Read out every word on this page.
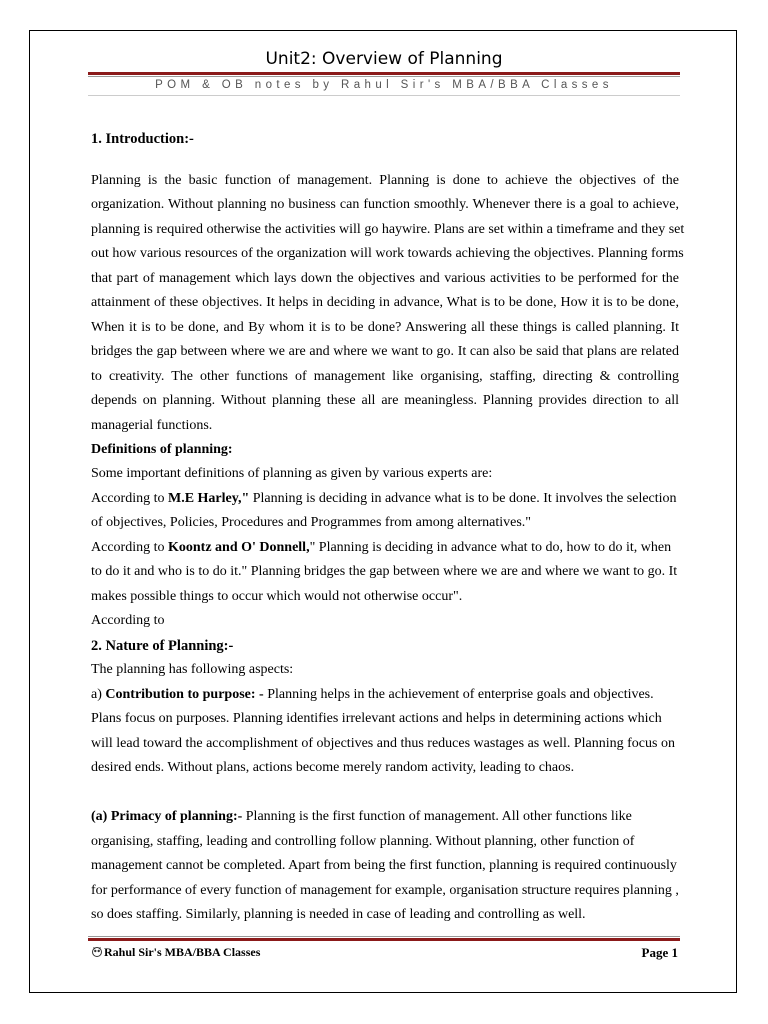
Unit2: Overview of Planning
POM & OB notes by Rahul Sir's MBA/BBA Classes
1. Introduction:-
Planning is the basic function of management. Planning is done to achieve the objectives of the
organization. Without planning no business can function smoothly. Whenever there is a goal to achieve,
planning is required otherwise the activities will go haywire. Plans are set within a timeframe and they set
out how various resources of the organization will work towards achieving the objectives. Planning forms
that part of management which lays down the objectives and various activities to be performed for the
attainment of these objectives. It helps in deciding in advance, What is to be done, How it is to be done,
When it is to be done, and By whom it is to be done? Answering all these things is called planning. It
bridges the gap between where we are and where we want to go. It can also be said that plans are related
to creativity. The other functions of management like organising, staffing, directing & controlling
depends on planning. Without planning these all are meaningless. Planning provides direction to all
managerial functions.
Definitions of planning:
Some important definitions of planning as given by various experts are:
According to M.E Harley," Planning is deciding in advance what is to be done. It involves the selection
of objectives, Policies, Procedures and Programmes from among alternatives."
According to Koontz and O' Donnell," Planning is deciding in advance what to do, how to do it, when
to do it and who is to do it." Planning bridges the gap between where we are and where we want to go. It
makes possible things to occur which would not otherwise occur".
According to
2. Nature of Planning:-
The planning has following aspects:
a) Contribution to purpose: - Planning helps in the achievement of enterprise goals and objectives.
Plans focus on purposes. Planning identifies irrelevant actions and helps in determining actions which
will lead toward the accomplishment of objectives and thus reduces wastages as well. Planning focus on
desired ends. Without plans, actions become merely random activity, leading to chaos.
(a) Primacy of planning:- Planning is the first function of management. All other functions like
organising, staffing, leading and controlling follow planning. Without planning, other function of
management cannot be completed. Apart from being the first function, planning is required continuously
for performance of every function of management for example, organisation structure requires planning ,
so does staffing. Similarly, planning is needed in case of leading and controlling as well.
Rahul Sir's MBA/BBA Classes	Page 1
